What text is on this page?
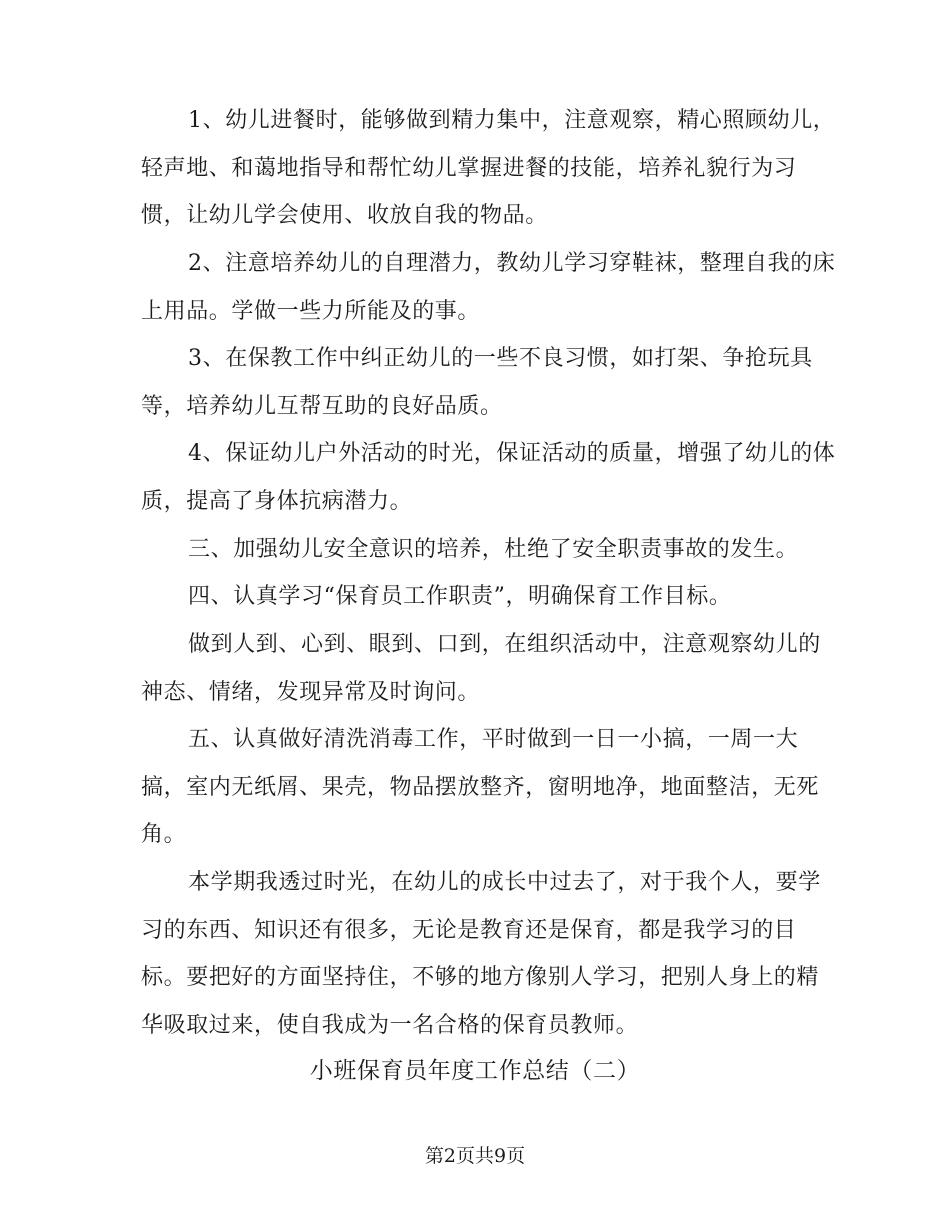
1、幼儿进餐时，能够做到精力集中，注意观察，精心照顾幼儿，
轻声地、和蔼地指导和帮忙幼儿掌握进餐的技能，培养礼貌行为习
惯，让幼儿学会使用、收放自我的物品。
2、注意培养幼儿的自理潜力，教幼儿学习穿鞋袜，整理自我的床
上用品。学做一些力所能及的事。
3、在保教工作中纠正幼儿的一些不良习惯，如打架、争抢玩具
等，培养幼儿互帮互助的良好品质。
4、保证幼儿户外活动的时光，保证活动的质量，增强了幼儿的体
质，提高了身体抗病潜力。
三、加强幼儿安全意识的培养，杜绝了安全职责事故的发生。
四、认真学习“保育员工作职责”，明确保育工作目标。
做到人到、心到、眼到、口到，在组织活动中，注意观察幼儿的
神态、情绪，发现异常及时询问。
五、认真做好清洗消毒工作，平时做到一日一小搞，一周一大
搞，室内无纸屑、果壳，物品摆放整齐，窗明地净，地面整洁，无死
角。
本学期我透过时光，在幼儿的成长中过去了，对于我个人，要学
习的东西、知识还有很多，无论是教育还是保育，都是我学习的目
标。要把好的方面坚持住，不够的地方像别人学习，把别人身上的精
华吸取过来，使自我成为一名合格的保育员教师。
小班保育员年度工作总结（二）
第2页共9页
